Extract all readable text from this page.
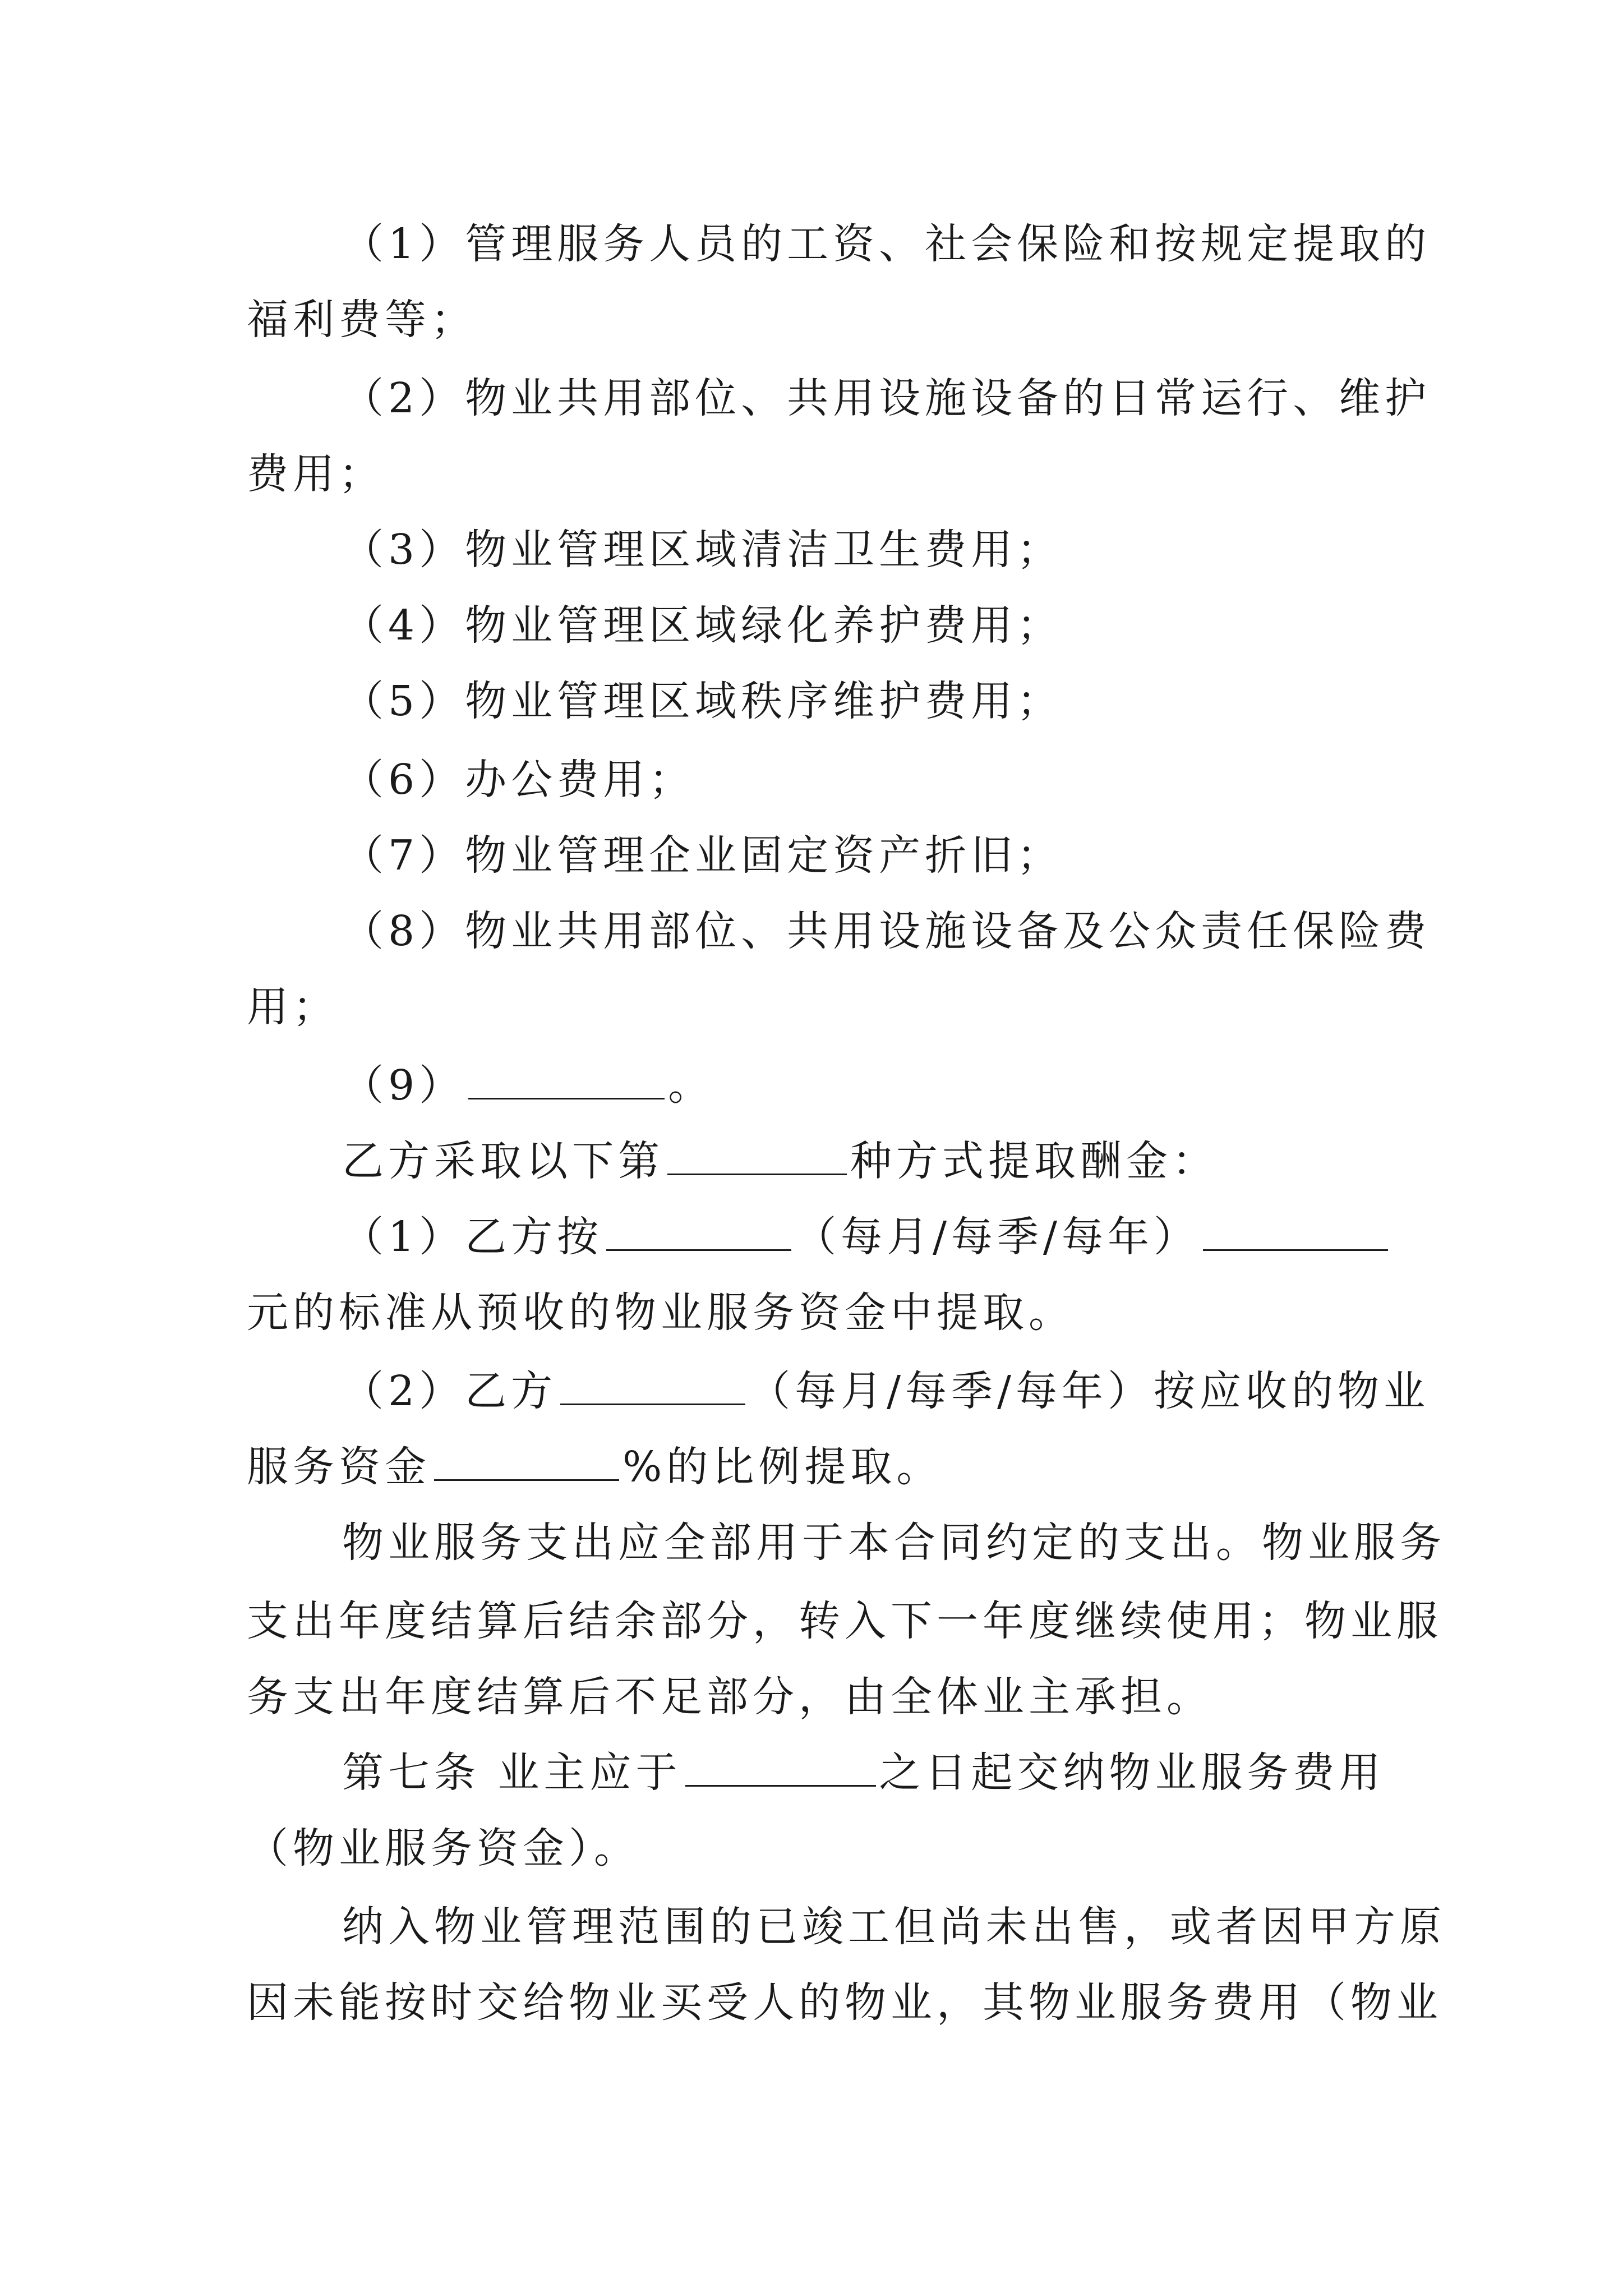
（1）管理服务人员的工资、社会保险和按规定提取的
福利费等；
（2）物业共用部位、共用设施设备的日常运行、维护
费用；
（3）物业管理区域清洁卫生费用；
（4）物业管理区域绿化养护费用；
（5）物业管理区域秩序维护费用；
（6）办公费用；
（7）物业管理企业固定资产折旧；
（8）物业共用部位、共用设施设备及公众责任保险费
用；
（9）	。
乙方采取以下第	种方式提取酬金：
（1）乙方按	（每月/每季/每年）
元的标准从预收的物业服务资金中提取。
（2）乙方	（每月/每季/每年）按应收的物业
服务资金	%的比例提取。
物业服务支出应全部用于本合同约定的支出。物业服务
支出年度结算后结余部分，转入下一年度继续使用；物业服
务支出年度结算后不足部分，由全体业主承担。
第七条 业主应于	之日起交纳物业服务费用
（物业服务资金）。
纳入物业管理范围的已竣工但尚未出售，或者因甲方原
因未能按时交给物业买受人的物业，其物业服务费用（物业
